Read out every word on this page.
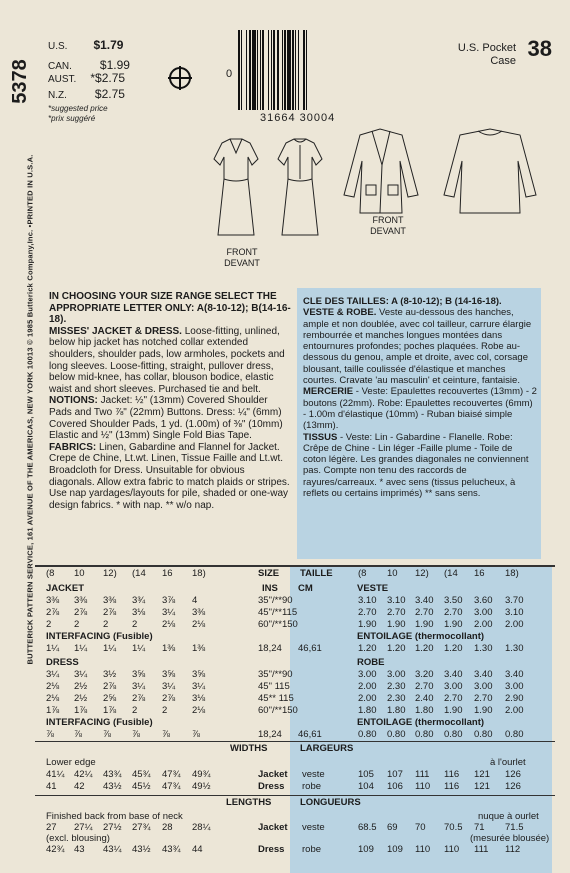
BUTTERICK PATTERN SERVICE, 161 AVENUE OF THE AMERICAS, NEW YORK 10013 © 1985 Butterick Company,Inc. •PRINTED IN U.S.A.
5378
U.S. $1.79
CAN. $1.99
AUST. *$2.75
N.Z. $2.75
*suggested price
*prix suggéré
0
31664 30004
U.S. Pocket
Case 38
FRONT
DEVANT
FRONT
DEVANT
IN CHOOSING YOUR SIZE RANGE SELECT THE APPROPRIATE LETTER ONLY: A(8-10-12); B(14-16-18).
MISSES' JACKET & DRESS. Loose-fitting, unlined, below hip jacket has notched collar extended shoulders, shoulder pads, low armholes, pockets and long sleeves. Loose-fitting, straight, pullover dress, below mid-knee, has collar, blouson bodice, elastic waist and short sleeves. Purchased tie and belt.
NOTIONS: Jacket: ½" (13mm) Covered Shoulder Pads and Two ⅞" (22mm) Buttons. Dress: ¼" (6mm) Covered Shoulder Pads, 1 yd. (1.00m) of ⅜" (10mm) Elastic and ½" (13mm) Single Fold Bias Tape.
FABRICS: Linen, Gabardine and Flannel for Jacket. Crepe de Chine, Lt.wt. Linen, Tissue Faille and Lt.wt. Broadcloth for Dress. Unsuitable for obvious diagonals. Allow extra fabric to match plaids or stripes. Use nap yardages/layouts for pile, shaded or one-way design fabrics. * with nap. ** w/o nap.
CLE DES TAILLES: A (8-10-12); B (14-16-18).
VESTE & ROBE. Veste au-dessous des hanches, ample et non doublée, avec col tailleur, carrure élargie rembourrée et manches longues montées dans entournures profondes; poches plaquées. Robe au-dessous du genou, ample et droite, avec col, corsage blousant, taille coulissée d'élastique et manches courtes. Cravate 'au masculin' et ceinture, fantaisie.
MERCERIE - Veste: Epaulettes recouvertes (13mm) - 2 boutons (22mm). Robe: Epaulettes recouvertes (6mm) - 1.00m d'élastique (10mm) - Ruban biaisé simple (13mm).
TISSUS - Veste: Lin - Gabardine - Flanelle. Robe: Crêpe de Chine - Lin léger -Faille plume - Toile de coton légère. Les grandes diagonales ne conviennent pas. Compte non tenu des raccords de rayures/carreaux. * avec sens (tissus pelucheux, à reflets ou certains imprimés) ** sans sens.
(8 10 12) (14 16 18)	SIZE TAILLE	(8 10 12) (14 16 18)
JACKET	INS CM	VESTE
3⅜ 3⅜ 3⅜ 3¾ 3⅞ 4	35"/**90	3.10 3.10 3.40 3.50 3.60 3.70
2⅞ 2⅞ 2⅞ 3⅛ 3¼ 3⅜	45"/**115	2.70 2.70 2.70 2.70 3.00 3.10
2 2 2 2	2⅛ 2⅛	60"/**150	1.90 1.90 1.90 1.90 2.00 2.00
INTERFACING (Fusible)	ENTOILAGE (thermocollant)
1¼ 1¼ 1¼ 1¼ 1⅜ 1⅜	18,24 46,61	1.20 1.20 1.20 1.20 1.30 1.30
DRESS	ROBE
3¼ 3¼ 3½ 3⅝ 3⅝ 3⅝	35"/**90	3.00 3.00 3.20 3.40 3.40 3.40
2⅛ 2½ 2⅞ 3¼ 3¼ 3¼	45" 115	2.00 2.30 2.70 3.00 3.00 3.00
2⅛ 2½ 2⅝ 2⅞ 2⅞ 3⅛	45** 115	2.00 2.30 2.40 2.70 2.70 2.90
1⅞ 1⅞ 1⅞ 2	2	2⅛	60"/**150	1.80 1.80 1.80 1.90 1.90 2.00
INTERFACING (Fusible)	ENTOILAGE (thermocollant)
⅞ ⅞ ⅞ ⅞ ⅞ ⅞	18,24 46,61	0.80 0.80 0.80 0.80 0.80 0.80
WIDTHS	LARGEURS
Lower edge	à l'ourlet
41¼ 42¼ 43¾ 45¾ 47¾ 49¾	Jacket veste	105 107 111 116 121 126
41 42 43½ 45½ 47¾ 49½	Dress robe	104 106 110 116 121 126
LENGTHS	LONGUEURS
Finished back from base of neck	nuque à ourlet
27 27¼ 27½ 27¾ 28 28¼	Jacket veste	68.5 69 70 70.5 71 71.5
(excl. blousing)	(mesurée blousée)
42¾ 43 43¼ 43½ 43¾ 44	Dress robe	109 109 110 110 111 112
